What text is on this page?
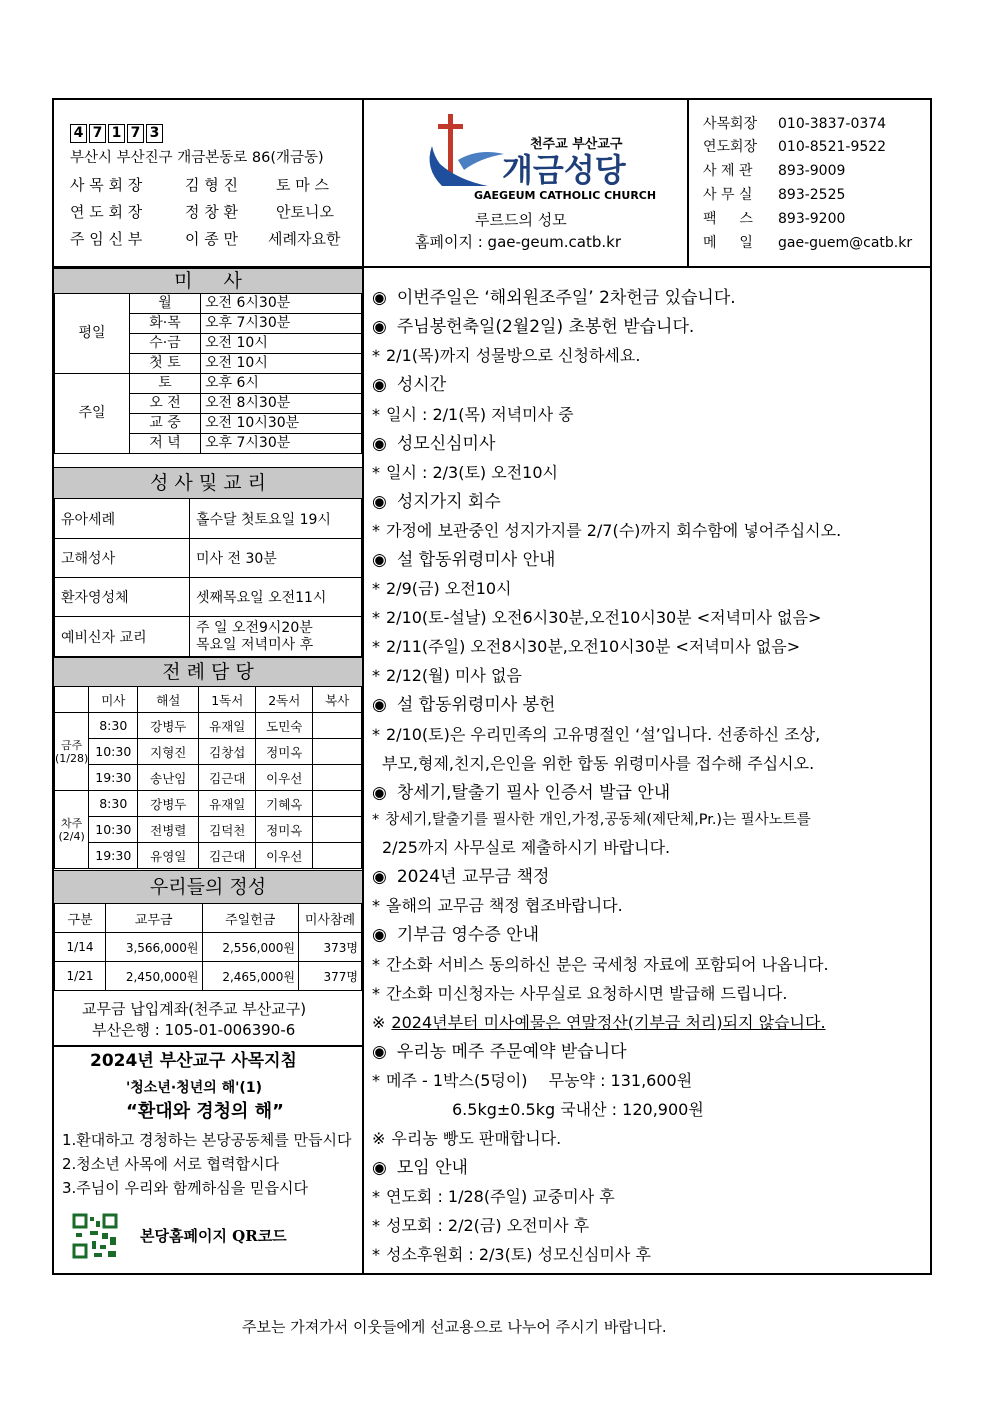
4 7 1 7 3
부산시 부산진구 개금본동로 86(개금동)
사 목 회 장	김 형 진	토 마 스
연 도 회 장	정 창 환	안토니오
주 임 신 부	이 종 만 세례자요한
천주교 부산교구
개금성당
GAEGEUM CATHOLIC CHURCH
루르드의 성모
홈페이지 : gae-geum.catb.kr
사목회장 010-3837-0374
연도회장 010-8521-9522
사 제 관 893-9009
사 무 실 893-2525
팩 　 스 893-9200
메 　 일 gae-guem@catb.kr
미 　 사
평일	월	오전 6시30분
	화·목	오후 7시30분
	수·금	오전 10시
	첫 토	오전 10시
주일	토	오후 6시
	오 전	오전 8시30분
	교 중	오전 10시30분
	저 녁	오후 7시30분
성 사 및 교 리
유아세례	홀수달 첫토요일 19시
고해성사	미사 전 30분
환자영성체	셋째목요일 오전11시
예비신자 교리	주 일 오전9시20분
목요일 저녁미사 후
전 례 담 당
	미사	해설	1독서	2독서	복사
금주(1/28)	8:30	강병두	유재일	도민숙	
	10:30	지형진	김창섭	정미옥	
	19:30	송난임	김근대	이우선	
차주(2/4)	8:30	강병두	유재일	기혜옥	
	10:30	전병렬	김덕천	정미옥	
	19:30	유영일	김근대	이우선	
우리들의 정성
구분	교무금	주일헌금	미사참례
1/14	3,566,000원	2,556,000원	373명
1/21	2,450,000원	2,465,000원	377명
교무금 납입계좌(천주교 부산교구)
부산은행 : 105-01-006390-6
2024년 부산교구 사목지침
'청소년·청년의 해'(1)
“환대와 경청의 해”
1.환대하고 경청하는 본당공동체를 만듭시다
2.청소년 사목에 서로 협력합시다
3.주님이 우리와 함께하심을 믿읍시다
본당홈페이지 QR코드
◉ 이번주일은 ‘해외원조주일’ 2차헌금 있습니다.
◉ 주님봉헌축일(2월2일) 초봉헌 받습니다.
* 2/1(목)까지 성물방으로 신청하세요.
◉ 성시간
* 일시 : 2/1(목) 저녁미사 중
◉ 성모신심미사
* 일시 : 2/3(토) 오전10시
◉ 성지가지 회수
* 가정에 보관중인 성지가지를 2/7(수)까지 회수함에 넣어주십시오.
◉ 설 합동위령미사 안내
* 2/9(금) 오전10시
* 2/10(토-설날) 오전6시30분,오전10시30분 <저녁미사 없음>
* 2/11(주일) 오전8시30분,오전10시30분 <저녁미사 없음>
* 2/12(월) 미사 없음
◉ 설 합동위령미사 봉헌
* 2/10(토)은 우리민족의 고유명절인 ‘설’입니다. 선종하신 조상,
부모,형제,친지,은인을 위한 합동 위령미사를 접수해 주십시오.
◉ 창세기,탈출기 필사 인증서 발급 안내
* 창세기,탈출기를 필사한 개인,가정,공동체(제단체,Pr.)는 필사노트를
2/25까지 사무실로 제출하시기 바랍니다.
◉ 2024년 교무금 책정
* 올해의 교무금 책정 협조바랍니다.
◉ 기부금 영수증 안내
* 간소화 서비스 동의하신 분은 국세청 자료에 포함되어 나옵니다.
* 간소화 미신청자는 사무실로 요청하시면 발급해 드립니다.
※ 2024년부터 미사예물은 연말정산(기부금 처리)되지 않습니다.
◉ 우리농 메주 주문예약 받습니다
* 메주 - 1박스(5덩이) 　무농약 : 131,600원
6.5kg±0.5kg 국내산 : 120,900원
※ 우리농 빵도 판매합니다.
◉ 모임 안내
* 연도회 : 1/28(주일) 교중미사 후
* 성모회 : 2/2(금) 오전미사 후
* 성소후원회 : 2/3(토) 성모신심미사 후
주보는 가져가서 이웃들에게 선교용으로 나누어 주시기 바랍니다.
